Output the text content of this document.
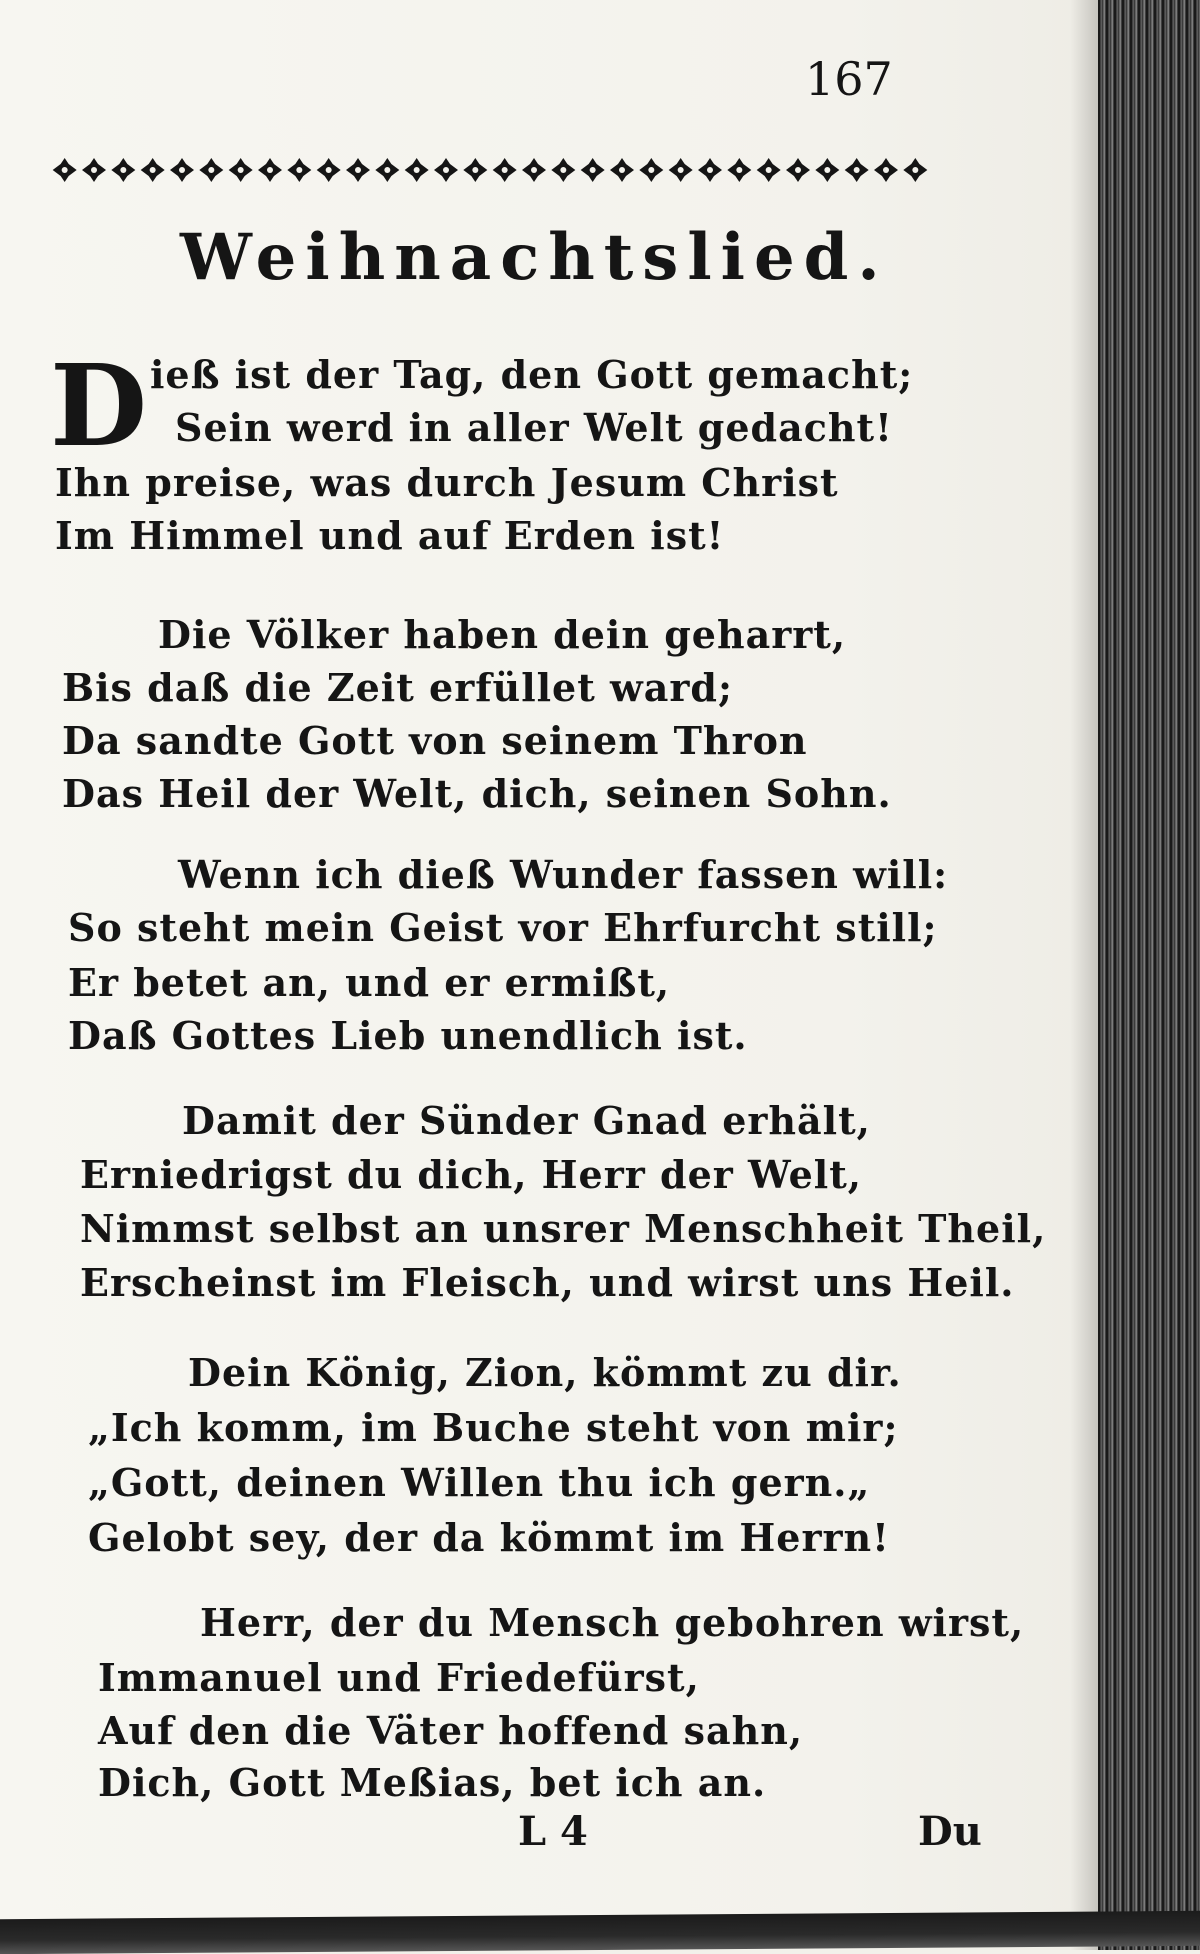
167
Weihnachtslied.
D ieß ist der Tag, den Gott gemacht;
Sein werd in aller Welt gedacht!
Ihn preise, was durch Jesum Christ
Im Himmel und auf Erden ist!
Die Völker haben dein geharrt,
Bis daß die Zeit erfüllet ward;
Da sandte Gott von seinem Thron
Das Heil der Welt, dich, seinen Sohn.
Wenn ich dieß Wunder fassen will:
So steht mein Geist vor Ehrfurcht still;
Er betet an, und er ermißt,
Daß Gottes Lieb unendlich ist.
Damit der Sünder Gnad erhält,
Erniedrigst du dich, Herr der Welt,
Nimmst selbst an unsrer Menschheit Theil,
Erscheinst im Fleisch, und wirst uns Heil.
Dein König, Zion, kömmt zu dir.
„Ich komm, im Buche steht von mir;
„Gott, deinen Willen thu ich gern.„
Gelobt sey, der da kömmt im Herrn!
Herr, der du Mensch gebohren wirst,
Immanuel und Friedefürst,
Auf den die Väter hoffend sahn,
Dich, Gott Meßias, bet ich an.
L 4	Du
